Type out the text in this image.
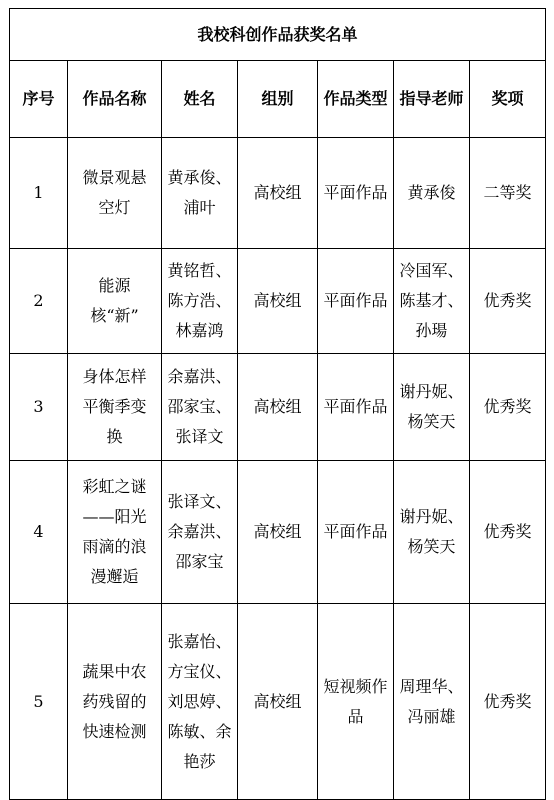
我校科创作品获奖名单						
序号	作品名称	姓名	组别	作品类型	指导老师	奖项
1	微景观悬空灯	黄承俊、浦叶	高校组	平面作品	黄承俊	二等奖
2	能源核“新”	黄铭哲、陈方浩、林嘉鸿	高校组	平面作品	冷国军、陈基才、孙瑒	优秀奖
3	身体怎样平衡季变换	余嘉洪、邵家宝、张译文	高校组	平面作品	谢丹妮、杨笑天	优秀奖
4	彩虹之谜——阳光雨滴的浪漫邂逅	张译文、余嘉洪、邵家宝	高校组	平面作品	谢丹妮、杨笑天	优秀奖
5	蔬果中农药残留的快速检测	张嘉怡、方宝仪、刘思婷、陈敏、余艳莎	高校组	短视频作品	周理华、冯丽雄	优秀奖
